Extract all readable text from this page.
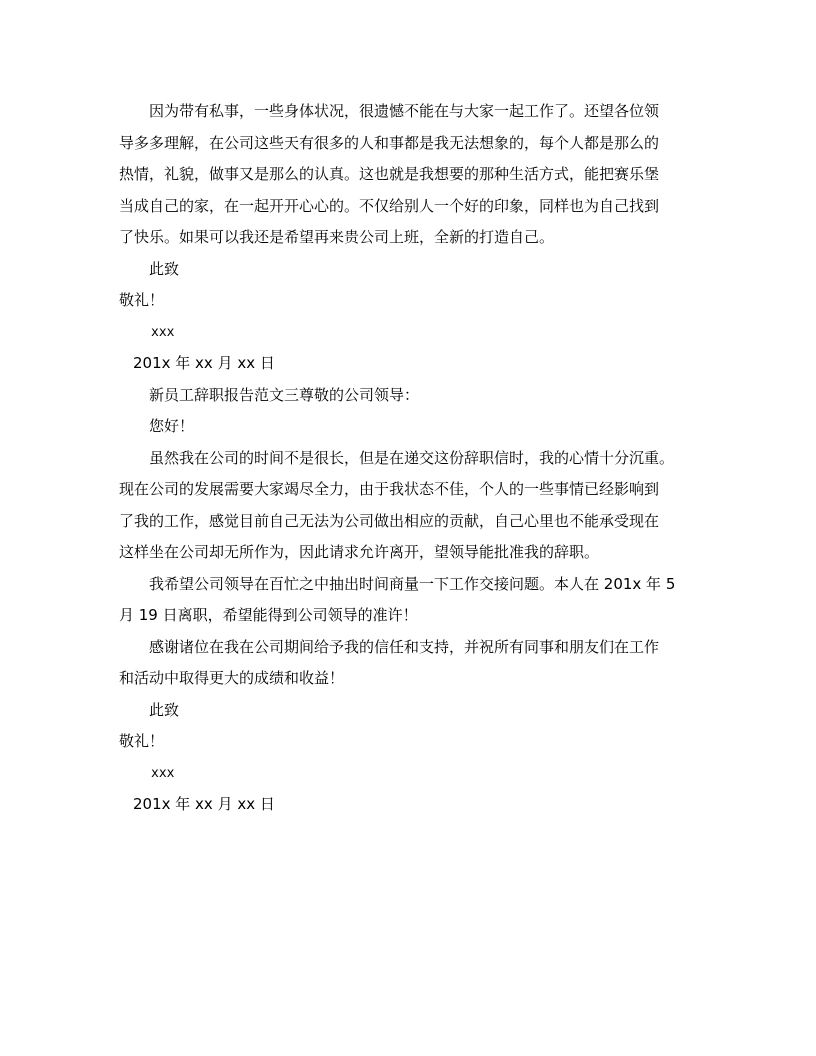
因为带有私事，一些身体状况，很遗憾不能在与大家一起工作了。还望各位领
导多多理解，在公司这些天有很多的人和事都是我无法想象的，每个人都是那么的
热情，礼貌，做事又是那么的认真。这也就是我想要的那种生活方式，能把赛乐堡
当成自己的家，在一起开开心心的。不仅给别人一个好的印象，同样也为自己找到
了快乐。如果可以我还是希望再来贵公司上班，全新的打造自己。
此致
敬礼！
xxx
201x 年 xx 月 xx 日
新员工辞职报告范文三尊敬的公司领导：
您好！
虽然我在公司的时间不是很长，但是在递交这份辞职信时，我的心情十分沉重。
现在公司的发展需要大家竭尽全力，由于我状态不佳，个人的一些事情已经影响到
了我的工作，感觉目前自己无法为公司做出相应的贡献，自己心里也不能承受现在
这样坐在公司却无所作为，因此请求允许离开，望领导能批准我的辞职。
我希望公司领导在百忙之中抽出时间商量一下工作交接问题。本人在 201x 年 5
月 19 日离职，希望能得到公司领导的准许！
感谢诸位在我在公司期间给予我的信任和支持，并祝所有同事和朋友们在工作
和活动中取得更大的成绩和收益！
此致
敬礼！
xxx
201x 年 xx 月 xx 日
